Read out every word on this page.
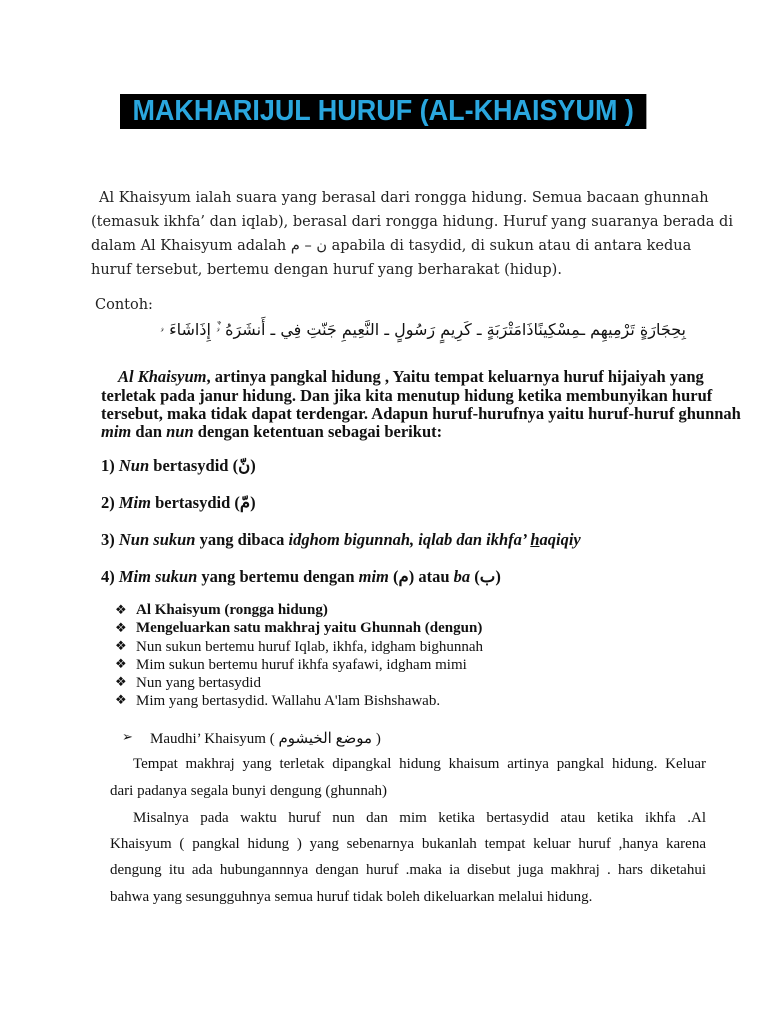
MAKHARIJUL HURUF (AL-KHAISYUM )
Al Khaisyum ialah suara yang berasal dari rongga hidung. Semua bacaan ghunnah
(temasuk ikhfa’ dan iqlab), berasal dari rongga hidung. Huruf yang suaranya berada di
dalam Al Khaisyum adalah ن – م apabila di tasydid, di sukun atau di antara kedua
huruf tersebut, bertemu dengan huruf yang berharakat (hidup).
Contoh:
بِحِجَارَةٍ تَرْمِيهِم ـمِسْكِينًاذَامَتْرَبَةٍ ـ كَرِيمٍ رَسُولٍ ـ النَّعِيمِ جَنّتِ فِي ـ أَنشَرَهُ ۥٌ إِذَاشَاءَ ۥ
Al Khaisyum, artinya pangkal hidung , Yaitu tempat keluarnya huruf hijaiyah yang
terletak pada janur hidung. Dan jika kita menutup hidung ketika membunyikan huruf
tersebut, maka tidak dapat terdengar. Adapun huruf-hurufnya yaitu huruf-huruf ghunnah
mim dan nun dengan ketentuan sebagai berikut:
1) Nun bertasydid (نّ)
2) Mim bertasydid (مّ)
3) Nun sukun yang dibaca idghom bigunnah, iqlab dan ikhfa’ haqiqiy
4) Mim sukun yang bertemu dengan mim (م) atau ba (ب)
❖ Al Khaisyum (rongga hidung)
❖ Mengeluarkan satu makhraj yaitu Ghunnah (dengun)
❖ Nun sukun bertemu huruf Iqlab, ikhfa, idgham bighunnah
❖ Mim sukun bertemu huruf ikhfa syafawi, idgham mimi
❖ Nun yang bertasydid
❖ Mim yang bertasydid. Wallahu A'lam Bishshawab.
➢ Maudhi’ Khaisyum ( موضع الخيشوم )
Tempat makhraj yang terletak dipangkal hidung khaisum artinya pangkal hidung. Keluar
dari padanya segala bunyi dengung (ghunnah)
Misalnya pada waktu huruf nun dan mim ketika bertasydid atau ketika ikhfa .Al
Khaisyum ( pangkal hidung ) yang sebenarnya bukanlah tempat keluar huruf ,hanya karena
dengung itu ada hubungannnya dengan huruf .maka ia disebut juga makhraj . hars diketahui
bahwa yang sesungguhnya semua huruf tidak boleh dikeluarkan melalui hidung.
